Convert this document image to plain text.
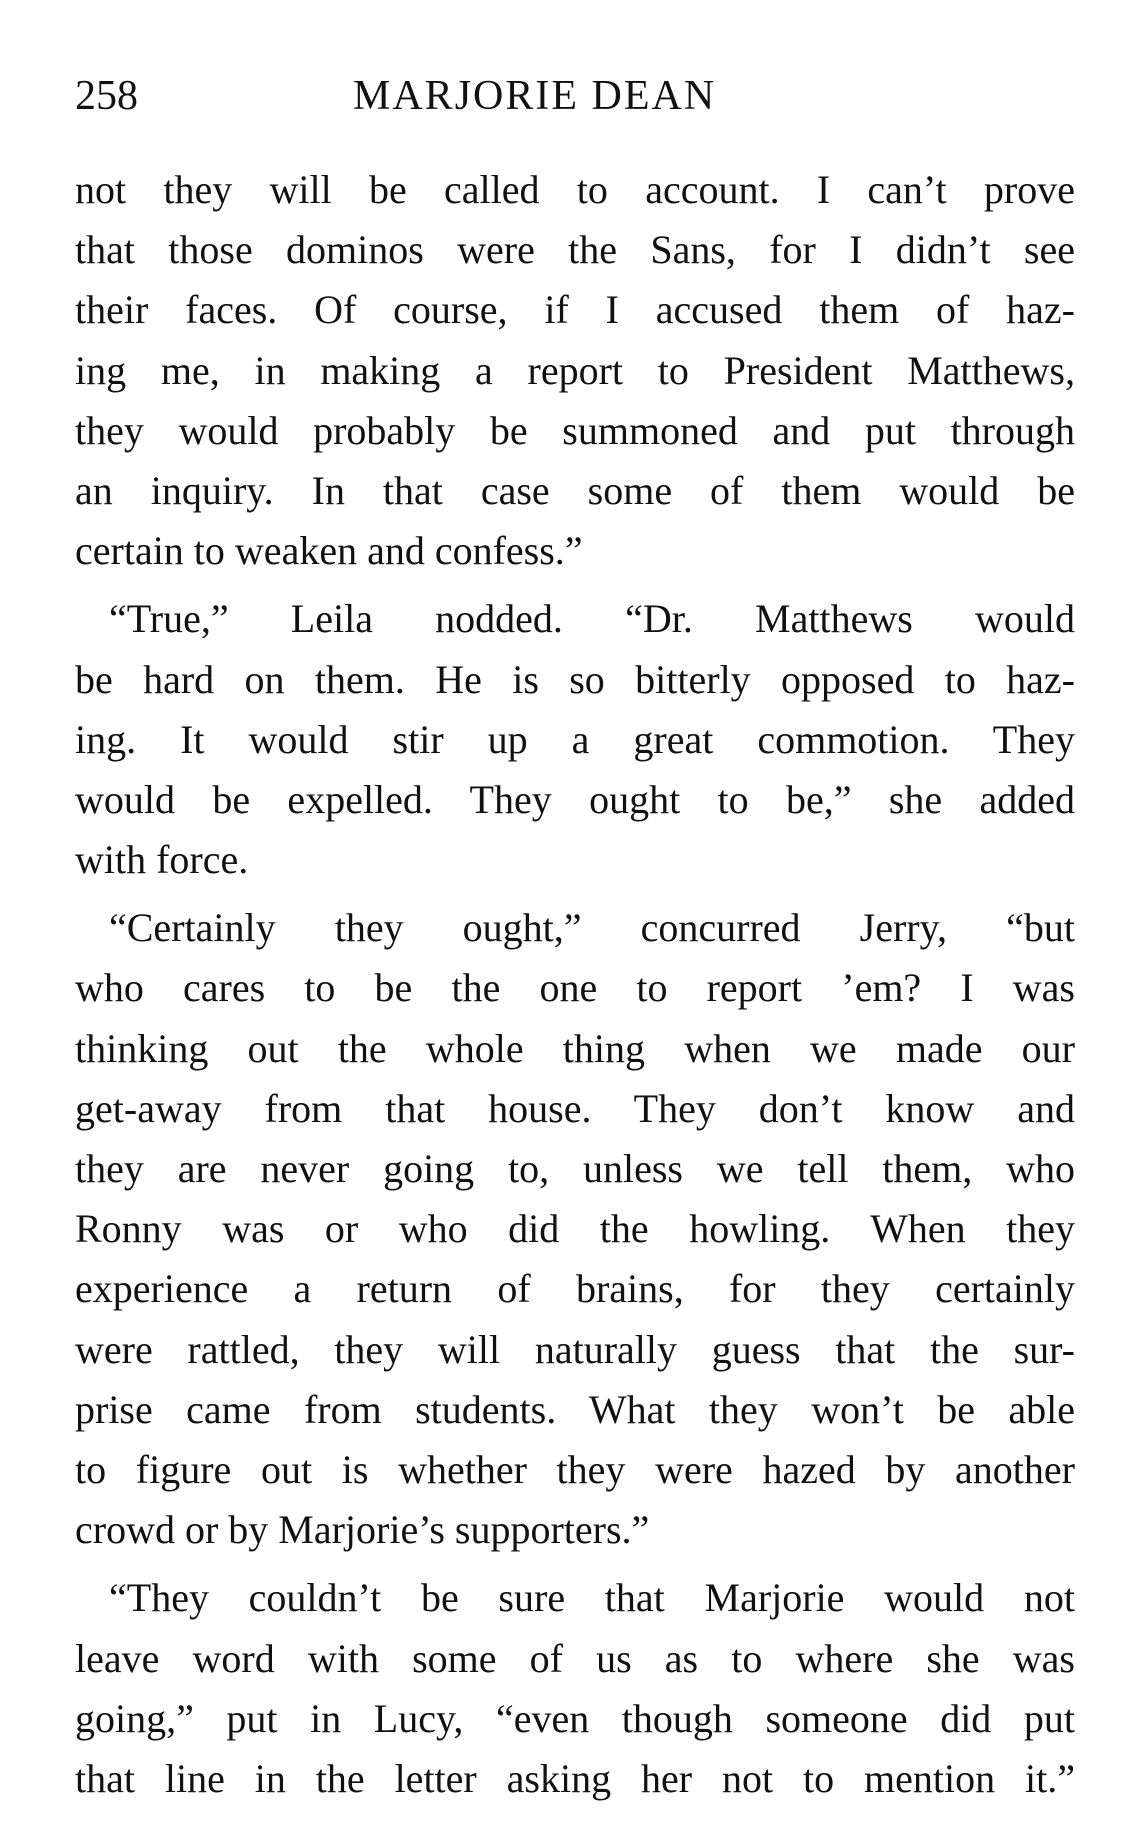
258	MARJORIE DEAN
not they will be called to account. I can’t prove
that those dominos were the Sans, for I didn’t see
their faces. Of course, if I accused them of haz-
ing me, in making a report to President Matthews,
they would probably be summoned and put through
an inquiry. In that case some of them would be
certain to weaken and confess.”
“True,” Leila nodded. “Dr. Matthews would
be hard on them. He is so bitterly opposed to haz-
ing. It would stir up a great commotion. They
would be expelled. They ought to be,” she added
with force.
“Certainly they ought,” concurred Jerry, “but
who cares to be the one to report ’em? I was
thinking out the whole thing when we made our
get-away from that house. They don’t know and
they are never going to, unless we tell them, who
Ronny was or who did the howling. When they
experience a return of brains, for they certainly
were rattled, they will naturally guess that the sur-
prise came from students. What they won’t be able
to figure out is whether they were hazed by another
crowd or by Marjorie’s supporters.”
“They couldn’t be sure that Marjorie would not
leave word with some of us as to where she was
going,” put in Lucy, “even though someone did put
that line in the letter asking her not to mention it.”
